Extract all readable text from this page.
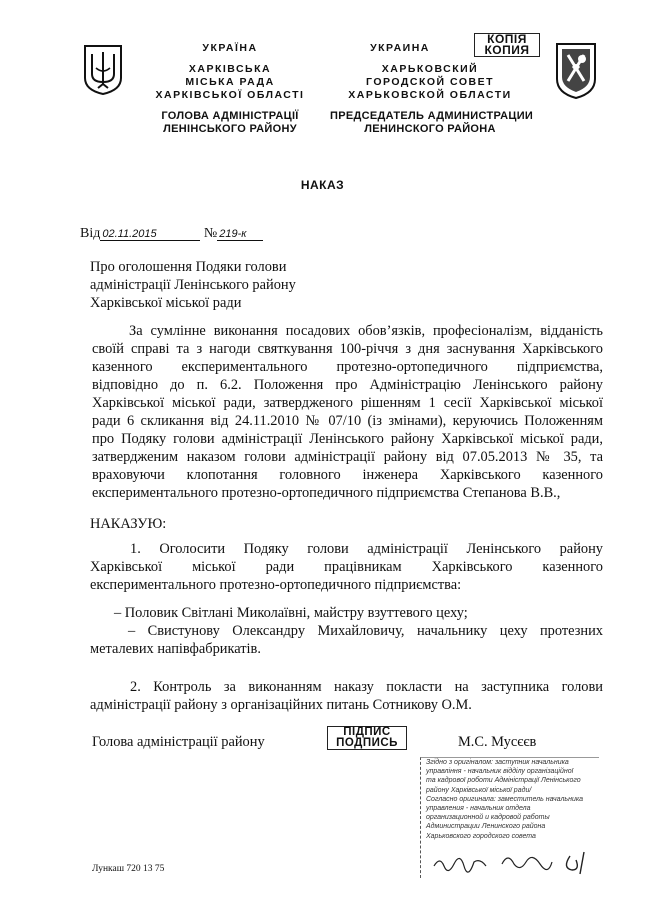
УКРАЇНА
ХАРКІВСЬКА
МІСЬКА РАДА
ХАРКІВСЬКОЇ ОБЛАСТІ
ГОЛОВА АДМІНІСТРАЦІЇ
ЛЕНІНСЬКОГО РАЙОНУ
УКРАИНА
ХАРЬКОВСКИЙ
ГОРОДСКОЙ СОВЕТ
ХАРЬКОВСКОЙ ОБЛАСТИ
ПРЕДСЕДАТЕЛЬ АДМИНИСТРАЦИИ
ЛЕНИНСКОГО РАЙОНА
КОПІЯ
КОПИЯ
НАКАЗ
Від 02.11.2015	№ 219-к
Про оголошення Подяки голови
адміністрації Ленінського району
Харківської міської ради
За сумлінне виконання посадових обов’язків, професіоналізм, відданість
своїй справі та з нагоди святкування 100-річчя з дня заснування Харківського
казенного експериментального протезно-ортопедичного підприємства,
відповідно до п. 6.2. Положення про Адміністрацію Ленінського району
Харківської міської ради, затвердженого рішенням 1 сесії Харківської міської
ради 6 скликання від 24.11.2010 № 07/10 (із змінами), керуючись Положенням
про Подяку голови адміністрації Ленінського району Харківської міської ради,
затвердженим наказом голови адміністрації району від 07.05.2013 № 35, та
враховуючи клопотання головного інженера Харківського казенного
експериментального протезно-ортопедичного підприємства Степанова В.В.,
НАКАЗУЮ:
1. Оголосити Подяку голови адміністрації Ленінського району
Харківської міської ради працівникам Харківського казенного
експериментального протезно-ортопедичного підприємства:
– Половик Світлані Миколаївні, майстру взуттевого цеху;
– Свистунову Олександру Михайловичу, начальнику цеху протезних
металевих напівфабрикатів.
2. Контроль за виконанням наказу покласти на заступника голови
адміністрації району з організаційних питань Сотникову О.М.
Голова адміністрації району
ПІДПИС
ПОДПИСЬ	М.С. Мусєєв
Згідно з оригіналом: заступник начальника
управління - начальник відділу організаційної
та кадрової роботи Адміністрації Ленінського
району Харківської міської ради/
Согласно оригинала: заместитель начальника
управления - начальник отдела
организационной и кадровой работы
Администрации Ленинского района
Харьковского городского совета
Лункаш 720 13 75
